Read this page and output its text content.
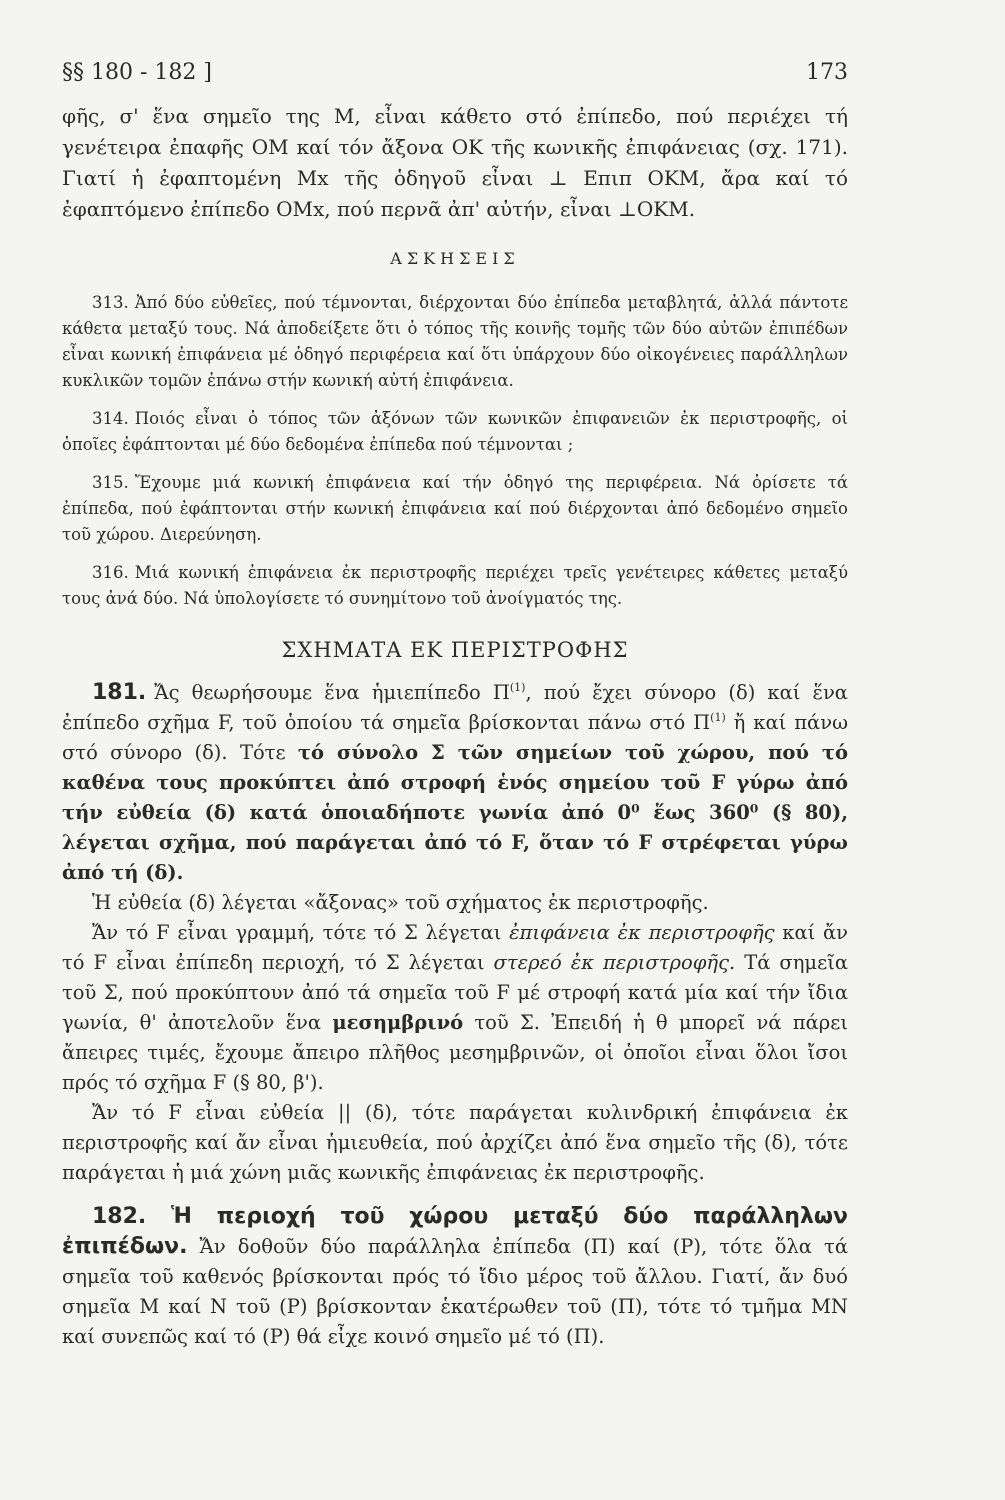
§§ 180 - 182 ]	173

φῆς, σ' ἕνα σημεῖο της Μ, εἶναι κάθετο στό ἐπίπεδο, πού περιέχει τή γενέτειρα ἐπαφῆς ΟΜ καί τόν ἄξονα ΟΚ τῆς κωνικῆς ἐπιφάνειας (σχ. 171). Γιατί ἡ ἐφαπτομένη Μx τῆς ὁδηγοῦ εἶναι ⊥ Επιπ ΟΚΜ, ἄρα καί τό ἐφαπτόμενο ἐπίπεδο ΟΜx, πού περνᾶ ἀπ' αὐτήν, εἶναι ⊥ΟΚΜ.

ΑΣΚΗΣΕΙΣ

313. Ἀπό δύο εὐθεῖες, πού τέμνονται, διέρχονται δύο ἐπίπεδα μεταβλητά, ἀλλά πάντοτε κάθετα μεταξύ τους. Νά ἀποδείξετε ὅτι ὁ τόπος τῆς κοινῆς τομῆς τῶν δύο αὐτῶν ἐπιπέδων εἶναι κωνική ἐπιφάνεια μέ ὁδηγό περιφέρεια καί ὅτι ὑπάρχουν δύο οἰκογένειες παράλληλων κυκλικῶν τομῶν ἐπάνω στήν κωνική αὐτή ἐπιφάνεια.

314. Ποιός εἶναι ὁ τόπος τῶν ἀξόνων τῶν κωνικῶν ἐπιφανειῶν ἐκ περιστροφῆς, οἱ ὁποῖες ἐφάπτονται μέ δύο δεδομένα ἐπίπεδα πού τέμνονται ;

315. Ἔχουμε μιά κωνική ἐπιφάνεια καί τήν ὁδηγό της περιφέρεια. Νά ὁρίσετε τά ἐπίπεδα, πού ἐφάπτονται στήν κωνική ἐπιφάνεια καί πού διέρχονται ἀπό δεδομένο σημεῖο τοῦ χώρου. Διερεύνηση.

316. Μιά κωνική ἐπιφάνεια ἐκ περιστροφῆς περιέχει τρεῖς γενέτειρες κάθετες μεταξύ τους ἀνά δύο. Νά ὑπολογίσετε τό συνημίτονο τοῦ ἀνοίγματός της.

ΣΧΗΜΑΤΑ ΕΚ ΠΕΡΙΣΤΡΟΦΗΣ

181. Ἄς θεωρήσουμε ἕνα ἡμιεπίπεδο $\Pi^{(1)}$, πού ἔχει σύνορο (δ) καί ἕνα ἐπίπεδο σχῆμα F, τοῦ ὁποίου τά σημεῖα βρίσκονται πάνω στό $\Pi^{(1)}$ ἤ καί πάνω στό σύνορο (δ). Τότε τό σύνολο Σ τῶν σημείων τοῦ χώρου, πού τό καθένα τους προκύπτει ἀπό στροφή ἑνός σημείου τοῦ F γύρω ἀπό τήν εὐθεία (δ) κατά ὁποιαδήποτε γωνία ἀπό 0⁰ ἕως 360⁰ (§ 80), λέγεται σχῆμα, πού παράγεται ἀπό τό F, ὅταν τό F στρέφεται γύρω ἀπό τή (δ).

Ἡ εὐθεία (δ) λέγεται «ἄξονας» τοῦ σχήματος ἐκ περιστροφῆς.

Ἄν τό F εἶναι γραμμή, τότε τό Σ λέγεται ἐπιφάνεια ἐκ περιστροφῆς καί ἄν τό F εἶναι ἐπίπεδη περιοχή, τό Σ λέγεται στερεό ἐκ περιστροφῆς. Τά σημεῖα τοῦ Σ, πού προκύπτουν ἀπό τά σημεῖα τοῦ F μέ στροφή κατά μία καί τήν ἴδια γωνία, θ' ἀποτελοῦν ἕνα μεσημβρινό τοῦ Σ. Ἐπειδή ἡ θ μπορεῖ νά πάρει ἄπειρες τιμές, ἔχουμε ἄπειρο πλῆθος μεσημβρινῶν, οἱ ὁποῖοι εἶναι ὅλοι ἴσοι πρός τό σχῆμα F (§ 80, β').

Ἄν τό F εἶναι εὐθεία || (δ), τότε παράγεται κυλινδρική ἐπιφάνεια ἐκ περιστροφῆς καί ἄν εἶναι ἡμιευθεία, πού ἀρχίζει ἀπό ἕνα σημεῖο τῆς (δ), τότε παράγεται ἡ μιά χώνη μιᾶς κωνικῆς ἐπιφάνειας ἐκ περιστροφῆς.

182. Ἡ περιοχή τοῦ χώρου μεταξύ δύο παράλληλων ἐπιπέδων. Ἄν δοθοῦν δύο παράλληλα ἐπίπεδα (Π) καί (Ρ), τότε ὅλα τά σημεῖα τοῦ καθενός βρίσκονται πρός τό ἴδιο μέρος τοῦ ἄλλου. Γιατί, ἄν δυό σημεῖα Μ καί Ν τοῦ (Ρ) βρίσκονταν ἑκατέρωθεν τοῦ (Π), τότε τό τμῆμα ΜΝ καί συνεπῶς καί τό (Ρ) θά εἶχε κοινό σημεῖο μέ τό (Π).
